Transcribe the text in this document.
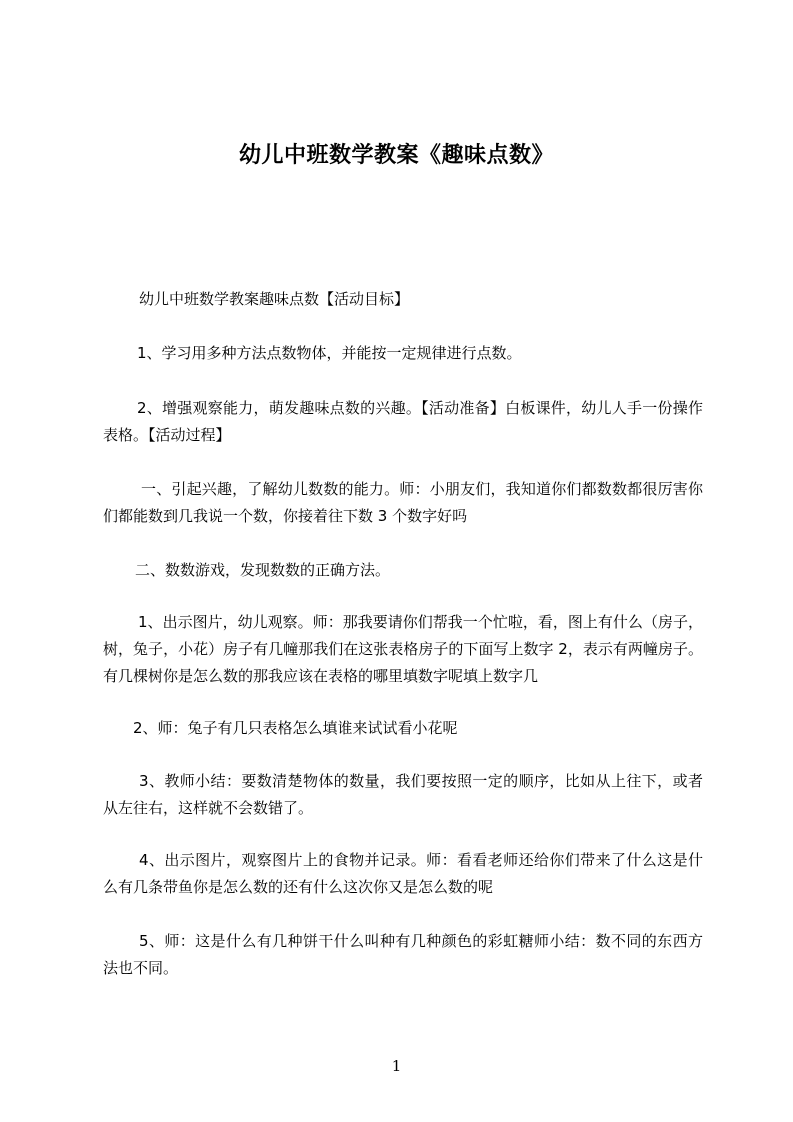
幼儿中班数学教案《趣味点数》
幼儿中班数学教案趣味点数【活动目标】
1、学习用多种方法点数物体，并能按一定规律进行点数。
2、增强观察能力，萌发趣味点数的兴趣。【活动准备】白板课件，幼儿人手一份操作表格。【活动过程】
一、引起兴趣，了解幼儿数数的能力。师：小朋友们，我知道你们都数数都很厉害你们都能数到几我说一个数，你接着往下数 3 个数字好吗
二、数数游戏，发现数数的正确方法。
1、出示图片，幼儿观察。师：那我要请你们帮我一个忙啦，看，图上有什么（房子，树，兔子，小花）房子有几幢那我们在这张表格房子的下面写上数字 2，表示有两幢房子。有几棵树你是怎么数的那我应该在表格的哪里填数字呢填上数字几
2、师：兔子有几只表格怎么填谁来试试看小花呢
3、教师小结：要数清楚物体的数量，我们要按照一定的顺序，比如从上往下，或者从左往右，这样就不会数错了。
4、出示图片，观察图片上的食物并记录。师：看看老师还给你们带来了什么这是什么有几条带鱼你是怎么数的还有什么这次你又是怎么数的呢
5、师：这是什么有几种饼干什么叫种有几种颜色的彩虹糖师小结：数不同的东西方法也不同。
1
